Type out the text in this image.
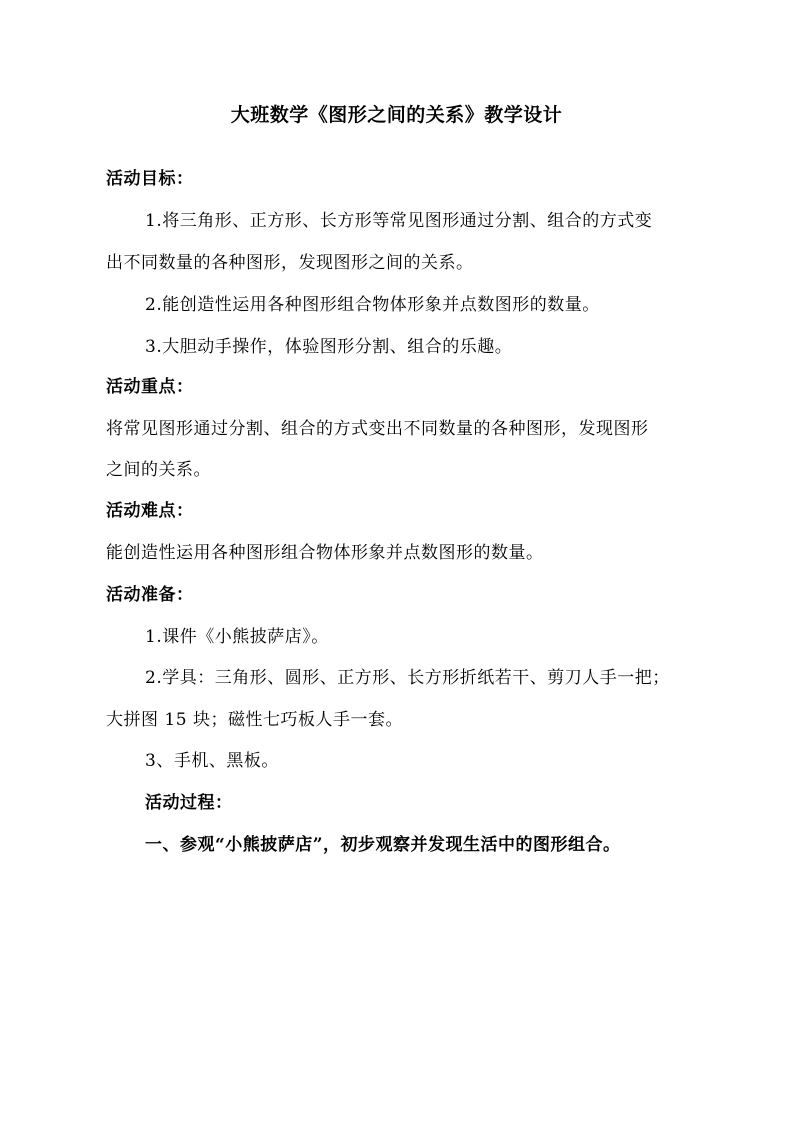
大班数学《图形之间的关系》教学设计
活动目标：
1.将三角形、正方形、长方形等常见图形通过分割、组合的方式变
出不同数量的各种图形，发现图形之间的关系。
2.能创造性运用各种图形组合物体形象并点数图形的数量。
3.大胆动手操作，体验图形分割、组合的乐趣。
活动重点：
将常见图形通过分割、组合的方式变出不同数量的各种图形，发现图形
之间的关系。
活动难点：
能创造性运用各种图形组合物体形象并点数图形的数量。
活动准备：
1.课件《小熊披萨店》。
2.学具：三角形、圆形、正方形、长方形折纸若干、剪刀人手一把；
大拼图 15 块；磁性七巧板人手一套。
3、手机、黑板。
活动过程：
一、参观“小熊披萨店”，初步观察并发现生活中的图形组合。
